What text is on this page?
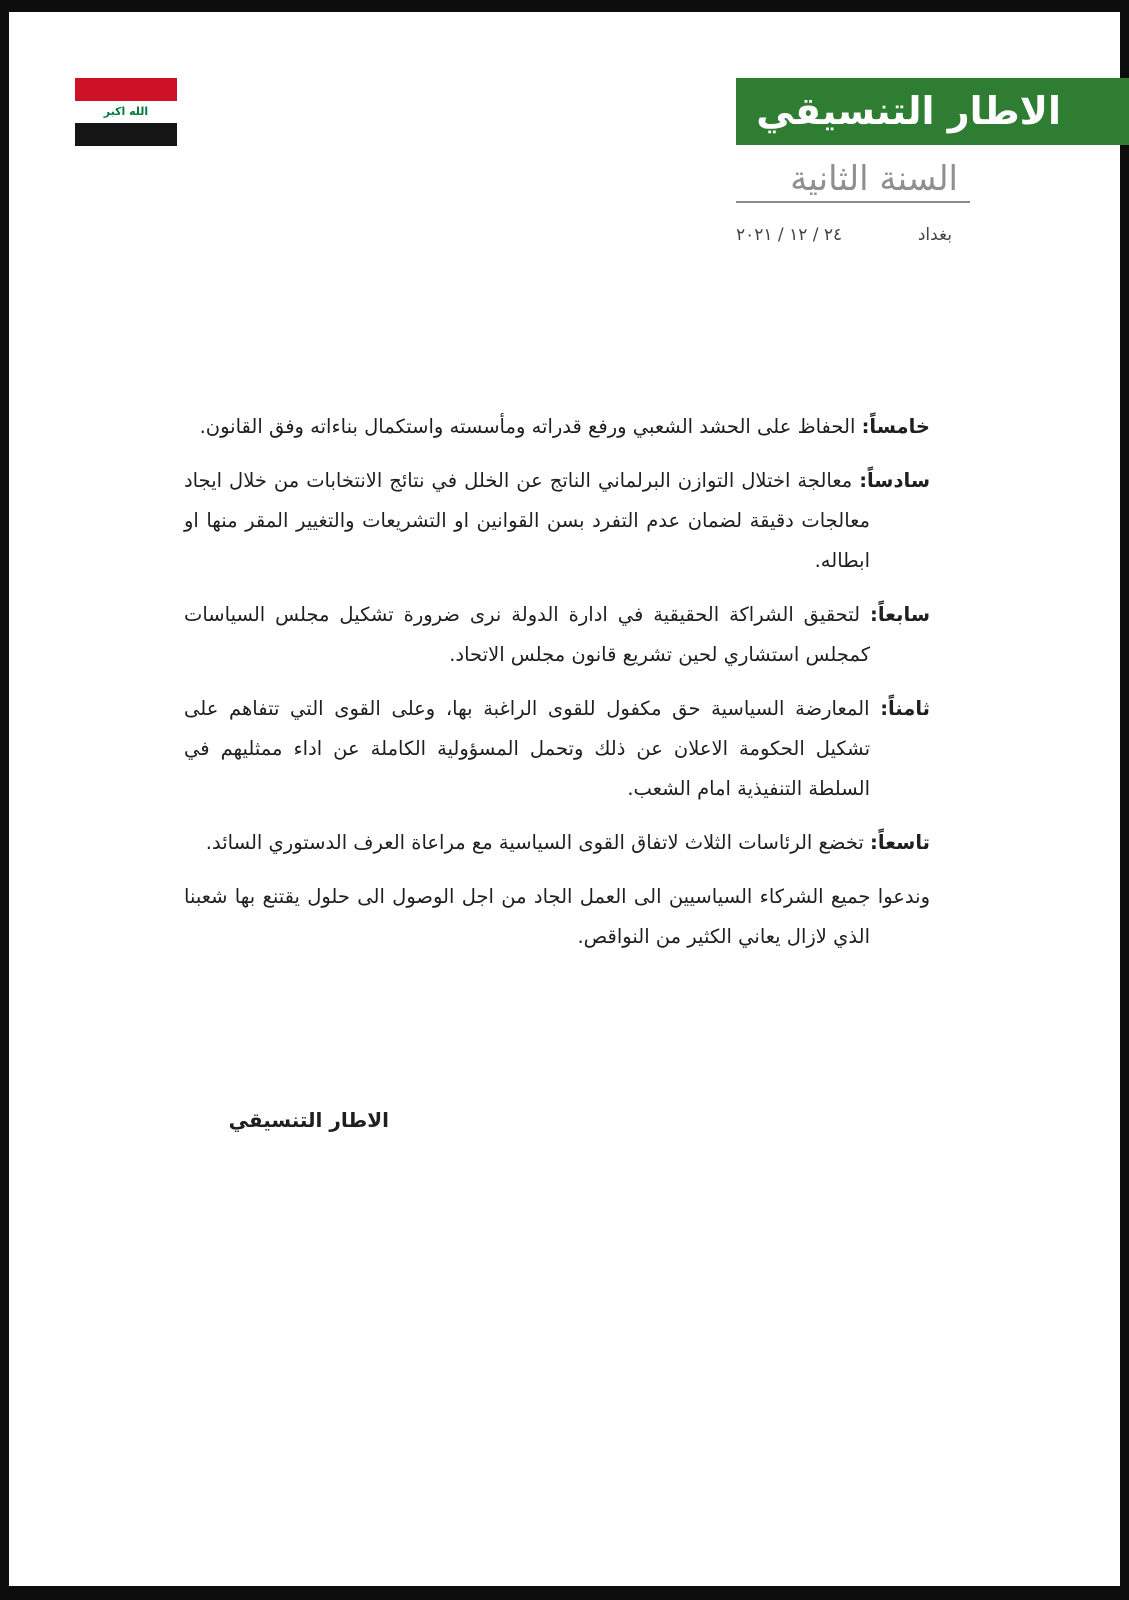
الله اكبر	الاطار التنسيقي
السنة الثانية
بغداد
٢٤ / ١٢ / ٢٠٢١

خامساً: الحفاظ على الحشد الشعبي ورفع قدراته ومأسسته واستكمال بناءاته وفق القانون.

سادساً: معالجة اختلال التوازن البرلماني الناتج عن الخلل في نتائج الانتخابات من خلال ايجاد معالجات دقيقة لضمان عدم التفرد بسن القوانين او التشريعات والتغيير المقر منها او ابطاله.

سابعاً: لتحقيق الشراكة الحقيقية في ادارة الدولة نرى ضرورة تشكيل مجلس السياسات كمجلس استشاري لحين تشريع قانون مجلس الاتحاد.

ثامناً: المعارضة السياسية حق مكفول للقوى الراغبة بها، وعلى القوى التي تتفاهم على تشكيل الحكومة الاعلان عن ذلك وتحمل المسؤولية الكاملة عن اداء ممثليهم في السلطة التنفيذية امام الشعب.

تاسعاً: تخضع الرئاسات الثلاث لاتفاق القوى السياسية مع مراعاة العرف الدستوري السائد.

وندعوا جميع الشركاء السياسيين الى العمل الجاد من اجل الوصول الى حلول يقتنع بها شعبنا الذي لازال يعاني الكثير من النواقص.

الاطار التنسيقي
